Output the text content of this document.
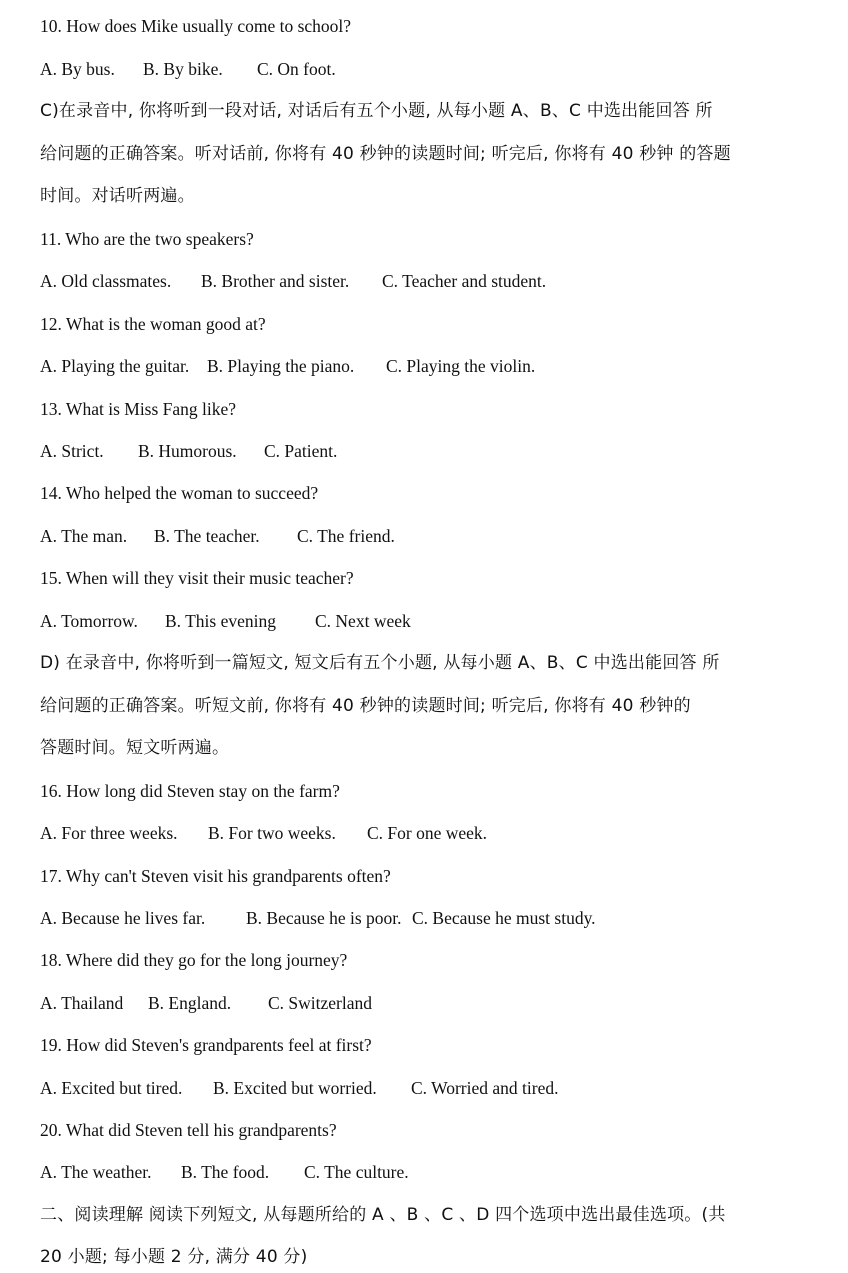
10. How does Mike usually come to school?
A. By bus. B. By bike. C. On foot.
C)在录音中, 你将听到一段对话, 对话后有五个小题, 从每小题 A、B、C 中选出能回答 所
给问题的正确答案。听对话前, 你将有 40 秒钟的读题时间; 听完后, 你将有 40 秒钟 的答题
时间。对话听两遍。
11. Who are the two speakers?
A. Old classmates. B. Brother and sister. C. Teacher and student.
12. What is the woman good at?
A. Playing the guitar. B. Playing the piano. C. Playing the violin.
13. What is Miss Fang like?
A. Strict. B. Humorous. C. Patient.
14. Who helped the woman to succeed?
A. The man. B. The teacher. C. The friend.
15. When will they visit their music teacher?
A. Tomorrow. B. This evening C. Next week
D) 在录音中, 你将听到一篇短文, 短文后有五个小题, 从每小题 A、B、C 中选出能回答 所
给问题的正确答案。听短文前, 你将有 40 秒钟的读题时间; 听完后, 你将有 40 秒钟的
答题时间。短文听两遍。
16. How long did Steven stay on the farm?
A. For three weeks. B. For two weeks. C. For one week.
17. Why can't Steven visit his grandparents often?
A. Because he lives far. B. Because he is poor. C. Because he must study.
18. Where did they go for the long journey?
A. Thailand B. England. C. Switzerland
19. How did Steven's grandparents feel at first?
A. Excited but tired. B. Excited but worried. C. Worried and tired.
20. What did Steven tell his grandparents?
A. The weather. B. The food. C. The culture.
二、阅读理解 阅读下列短文, 从每题所给的 A 、B 、C 、D 四个选项中选出最佳选项。(共
20 小题; 每小题 2 分, 满分 40 分)
